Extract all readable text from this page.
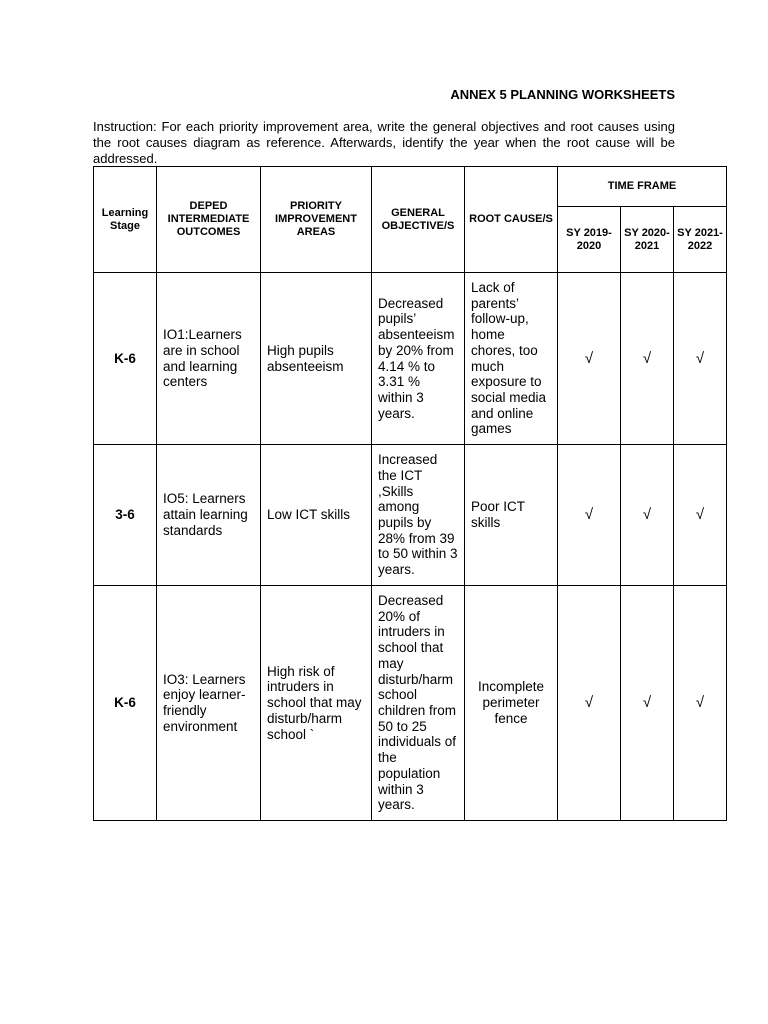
ANNEX 5 PLANNING WORKSHEETS
Instruction: For each priority improvement area, write the general objectives and root causes using the root causes diagram as reference. Afterwards, identify the year when the root cause will be addressed.
Learning Stage	DEPED INTERMEDIATE OUTCOMES	PRIORITY IMPROVEMENT AREAS	GENERAL OBJECTIVE/S	ROOT CAUSE/S	TIME FRAME		
					SY 2019-2020	SY 2020-2021	SY 2021-2022
K-6	IO1:Learners are in school and learning centers	High pupils absenteeism	Decreased pupils’ absenteeism by 20% from 4.14 % to 3.31 % within 3 years.	Lack of parents’ follow-up, home chores, too much exposure to social media and online games	√	√	√
3-6	IO5: Learners attain learning standards	Low ICT skills	Increased the ICT ,Skills among pupils by 28% from 39 to 50 within 3 years.	Poor ICT skills	√	√	√
K-6	IO3: Learners enjoy learner-friendly environment	High risk of intruders in school that may disturb/harm school `	Decreased 20% of intruders in school that may disturb/harm school children from 50 to 25 individuals of the population within 3 years.	Incomplete perimeter fence	√	√	√
